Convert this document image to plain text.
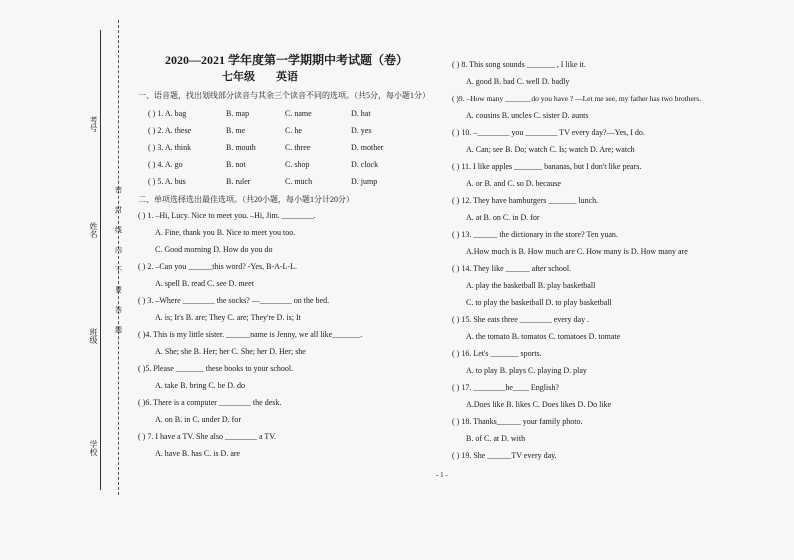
考号
姓名
班级
学校
密
封
线
内
不
要
答
题
2020—2021 学年度第一学期期中考试题（卷）
七年级 英语
一、语音题，找出划线部分读音与其余三个读音不同的选项。（共5分，每小题1分）
( ) 1. A. bag	B. map	C. name	D. hat
( ) 2. A. these	B. me	C. he	D. yes
( ) 3. A. think	B. mouth	C. three	D. mother
( ) 4. A. go	B. not	C. shop	D. clock
( ) 5. A. bus	B. ruler	C. much	D. jump
二、单项选择选出最佳选项。（共20小题，每小题1分计20分）
( ) 1. –Hi, Lucy. Nice to meet you. –Hi, Jim. ________.
A. Fine, thank you B. Nice to meet you too.
C. Good morning D. How do you do
( ) 2. –Can you ______this word? -Yes, B-A-L-L.
A. spell B. read C. see D. meet
( ) 3. –Where ________ the socks? —________ on the bed.
A. is; It's B. are; They C. are; They're D. is; It
( )4. This is my little sister. ______name is Jenny, we all like_______.
A. She; she B. Her; her C. She; her D. Her; she
( )5. Please _______ these books to your school.
A. take B. bring C. be D. do
( )6. There is a computer ________ the desk.
A. on B. in C. under D. for
( ) 7. I have a TV. She also ________ a TV.
A. have B. has C. is D. are
( ) 8. This song sounds _______ , I like it.
A. good B. bad C. well D. badly
( )9. –How many _______do you have ? —Let me see, my father has two brothers.
A. cousins B. uncles C. sister D. aunts
( ) 10. –________ you ________ TV every day?—Yes, I do.
A. Can; see B. Do; watch C. Is; watch D. Are; watch
( ) 11. I like apples _______ bananas, but I don't like pears.
A. or B. and C. so D. because
( ) 12. They have hamburgers _______ lunch.
A. at B. on C. in D. for
( ) 13. ______ the dictionary in the store? Ten yuan.
A.How much is B. How much are C. How many is D. How many are
( ) 14. They like ______ after school.
A. play the basketball B. play basketball
C. to play the basketball D. to play basketball
( ) 15. She eats three ________ every day .
A. the tomato B. tomatos C. tomatoes D. tomate
( ) 16. Let's _______ sports.
A. to play B. plays C. playing D. play
( ) 17. ________he____ English?
A.Does like B. likes C. Does likes D. Do like
( ) 18. Thanks______ your family photo.
B. of C. at D. with
( ) 19. She ______TV every day.
- 1 -
